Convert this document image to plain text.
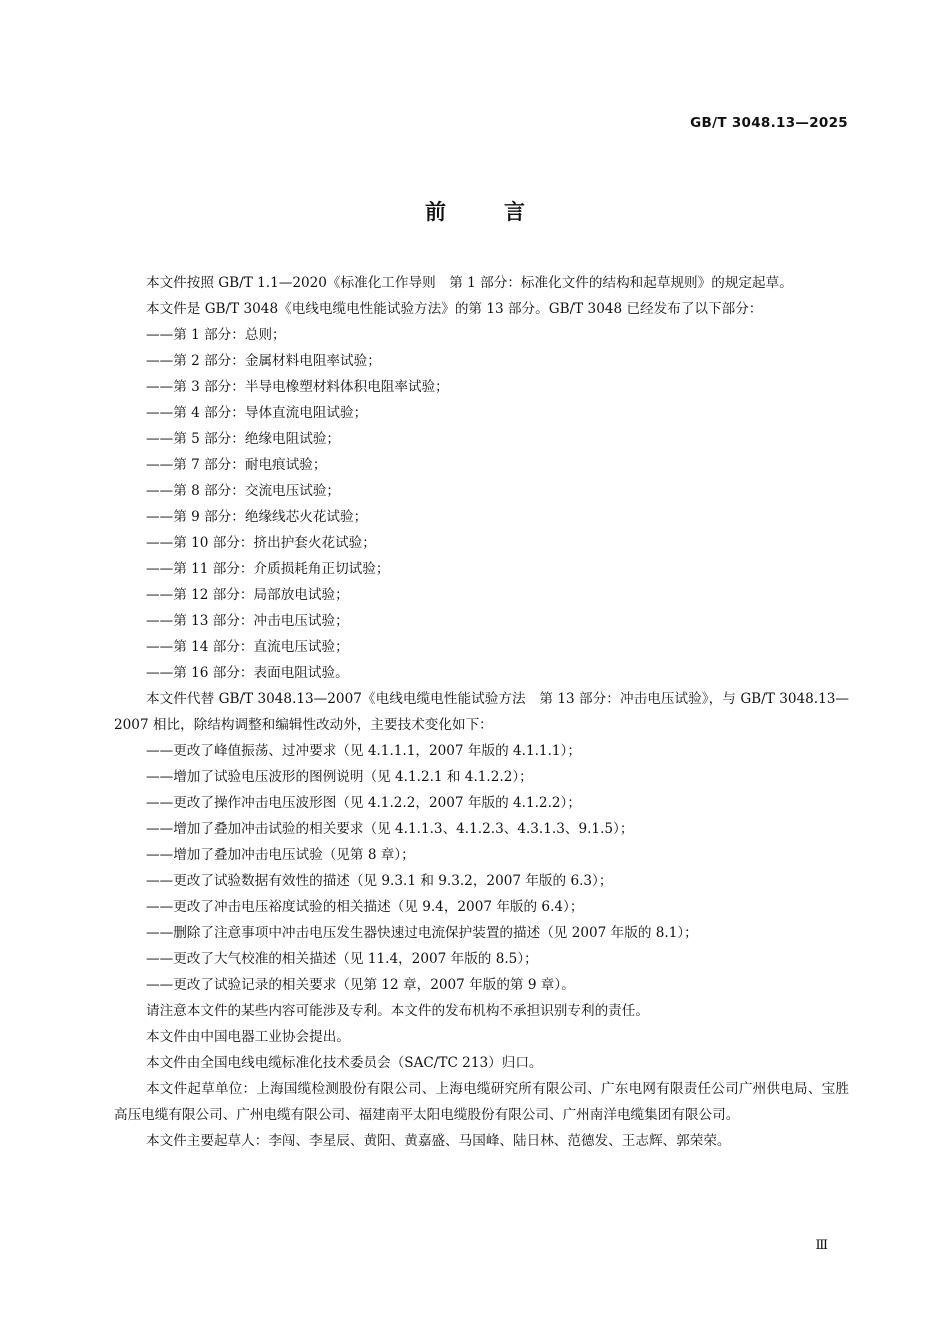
GB/T 3048.13—2025
前言

本文件按照 GB/T 1.1—2020《标准化工作导则　第 1 部分：标准化文件的结构和起草规则》的规定起草。

本文件是 GB/T 3048《电线电缆电性能试验方法》的第 13 部分。GB/T 3048 已经发布了以下部分：

——第 1 部分：总则；

——第 2 部分：金属材料电阻率试验；

——第 3 部分：半导电橡塑材料体积电阻率试验；

——第 4 部分：导体直流电阻试验；

——第 5 部分：绝缘电阻试验；

——第 7 部分：耐电痕试验；

——第 8 部分：交流电压试验；

——第 9 部分：绝缘线芯火花试验；

——第 10 部分：挤出护套火花试验；

——第 11 部分：介质损耗角正切试验；

——第 12 部分：局部放电试验；

——第 13 部分：冲击电压试验；

——第 14 部分：直流电压试验；

——第 16 部分：表面电阻试验。

本文件代替 GB/T 3048.13—2007《电线电缆电性能试验方法　第 13 部分：冲击电压试验》，与 GB/T 3048.13—2007 相比，除结构调整和编辑性改动外，主要技术变化如下：

——更改了峰值振荡、过冲要求（见 4.1.1.1，2007 年版的 4.1.1.1）；

——增加了试验电压波形的图例说明（见 4.1.2.1 和 4.1.2.2）；

——更改了操作冲击电压波形图（见 4.1.2.2，2007 年版的 4.1.2.2）；

——增加了叠加冲击试验的相关要求（见 4.1.1.3、4.1.2.3、4.3.1.3、9.1.5）；

——增加了叠加冲击电压试验（见第 8 章）；

——更改了试验数据有效性的描述（见 9.3.1 和 9.3.2，2007 年版的 6.3）；

——更改了冲击电压裕度试验的相关描述（见 9.4，2007 年版的 6.4）；

——删除了注意事项中冲击电压发生器快速过电流保护装置的描述（见 2007 年版的 8.1）；

——更改了大气校准的相关描述（见 11.4，2007 年版的 8.5）；

——更改了试验记录的相关要求（见第 12 章，2007 年版的第 9 章）。

请注意本文件的某些内容可能涉及专利。本文件的发布机构不承担识别专利的责任。

本文件由中国电器工业协会提出。

本文件由全国电线电缆标准化技术委员会（SAC/TC 213）归口。

本文件起草单位：上海国缆检测股份有限公司、上海电缆研究所有限公司、广东电网有限责任公司广州供电局、宝胜高压电缆有限公司、广州电缆有限公司、福建南平太阳电缆股份有限公司、广州南洋电缆集团有限公司。

本文件主要起草人：李闯、李星辰、黄阳、黄嘉盛、马国峰、陆日林、范德发、王志辉、郭荣荣。

Ⅲ
